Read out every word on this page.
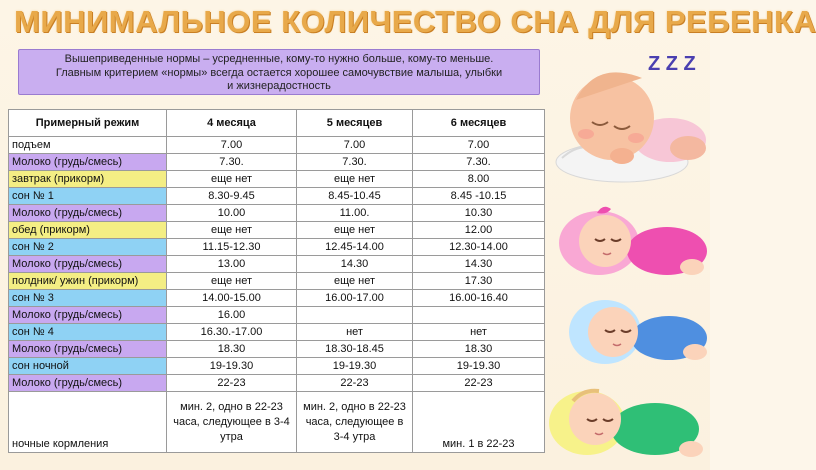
МИНИМАЛЬНОЕ КОЛИЧЕСТВО СНА ДЛЯ РЕБЕНКА
Вышеприведенные нормы – усредненные, кому-то нужно больше, кому-то меньше.
Главным критерием «нормы» всегда остается хорошее самочувствие малыша, улыбки
и жизнерадостность
Примерный режим	4 месяца	5 месяцев	6 месяцев
подъем	7.00	7.00	7.00
Молоко (грудь/смесь)	7.30.	7.30.	7.30.
завтрак (прикорм)	еще нет	еще нет	8.00
сон № 1	8.30-9.45	8.45-10.45	8.45 -10.15
Молоко (грудь/смесь)	10.00	11.00.	10.30
обед (прикорм)	еще нет	еще нет	12.00
сон № 2	11.15-12.30	12.45-14.00	12.30-14.00
Молоко (грудь/смесь)	13.00	14.30	14.30
полдник/ ужин (прикорм)	еще нет	еще нет	17.30
сон № 3	14.00-15.00	16.00-17.00	16.00-16.40
Молоко (грудь/смесь)	16.00		
сон № 4	16.30.-17.00	нет	нет
Молоко (грудь/смесь)	18.30	18.30-18.45	18.30
сон ночной	19-19.30	19-19.30	19-19.30
Молоко (грудь/смесь)	22-23	22-23	22-23
ночные кормления	мин. 2, одно в 22-23 часа, следующее в 3-4 утра	мин. 2, одно в 22-23 часа, следующее в 3-4 утра	мин. 1 в 22-23
Z Z Z
